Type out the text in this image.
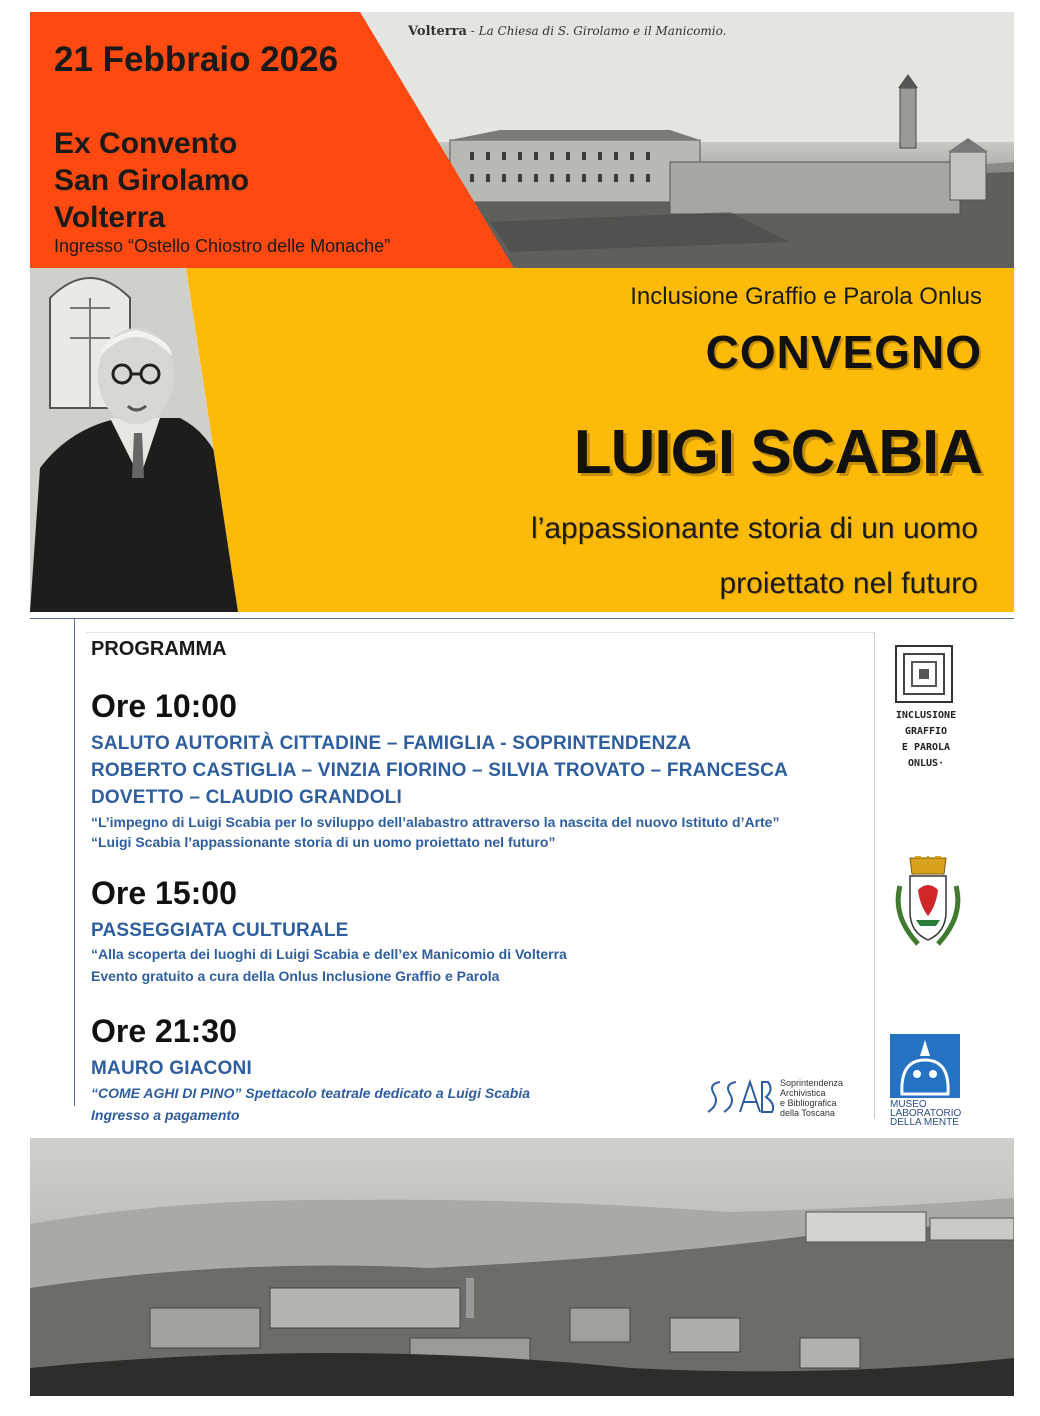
Volterra - La Chiesa di S. Girolamo e il Manicomio.
21 Febbraio 2026
Ex Convento
San Girolamo
Volterra
Ingresso “Ostello Chiostro delle Monache”
Inclusione Graffio e Parola Onlus
CONVEGNO
LUIGI SCABIA
l’appassionante storia di un uomo
proiettato nel futuro
PROGRAMMA
Ore 10:00
SALUTO AUTORITÀ CITTADINE – FAMIGLIA - SOPRINTENDENZA
ROBERTO CASTIGLIA – VINZIA FIORINO – SILVIA TROVATO – FRANCESCA
DOVETTO – CLAUDIO GRANDOLI
“L’impegno di Luigi Scabia per lo sviluppo dell’alabastro attraverso la nascita del nuovo Istituto d’Arte”
“Luigi Scabia l’appassionante storia di un uomo proiettato nel futuro”
Ore 15:00
PASSEGGIATA CULTURALE
“Alla scoperta dei luoghi di Luigi Scabia e dell’ex Manicomio di Volterra
Evento gratuito a cura della Onlus Inclusione Graffio e Parola
Ore 21:30
MAURO GIACONI
“COME AGHI DI PINO” Spettacolo teatrale dedicato a Luigi Scabia
Ingresso a pagamento
INCLUSIONE
GRAFFIO
E PAROLA
ONLUS·
MUSEO
LABORATORIO
DELLA MENTE
Soprintendenza
Archivistica
e Bibliografica
della Toscana
